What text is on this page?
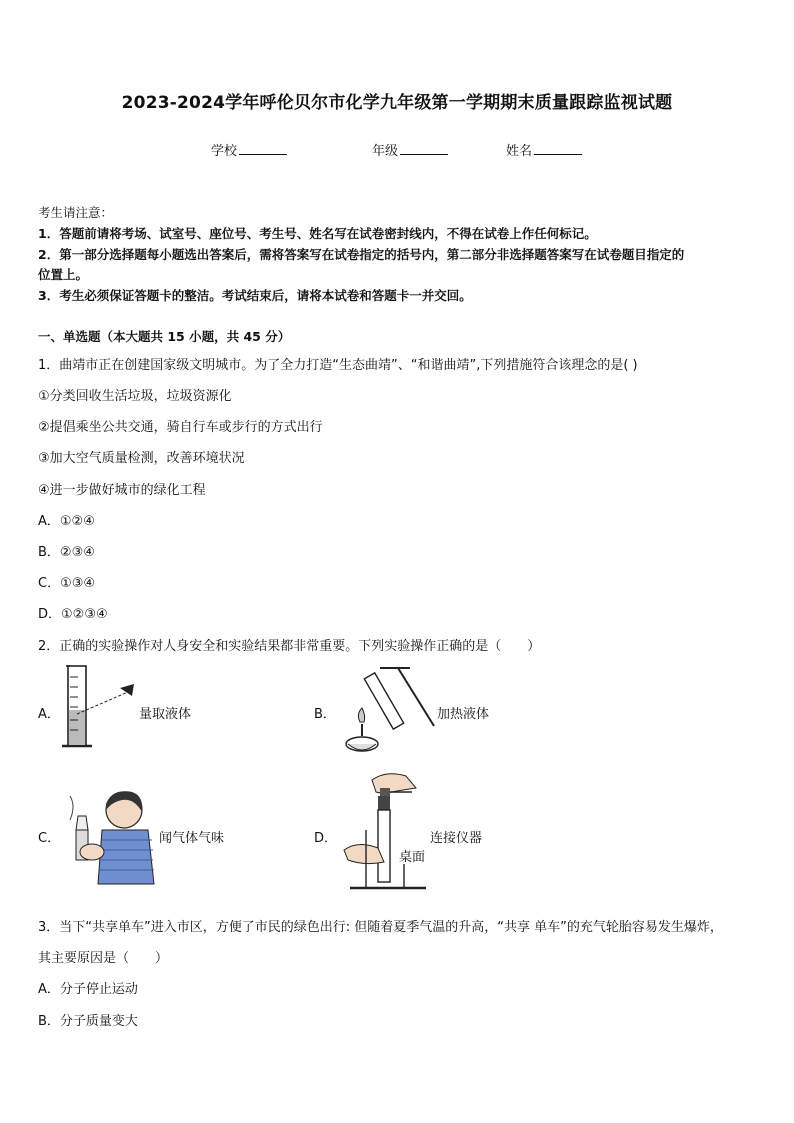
2023-2024学年呼伦贝尔市化学九年级第一学期期末质量跟踪监视试题
学校	年级	姓名
考生请注意：
1．答题前请将考场、试室号、座位号、考生号、姓名写在试卷密封线内，不得在试卷上作任何标记。
2．第一部分选择题每小题选出答案后，需将答案写在试卷指定的括号内，第二部分非选择题答案写在试卷题目指定的
位置上。
3．考生必须保证答题卡的整洁。考试结束后，请将本试卷和答题卡一并交回。
一、单选题（本大题共 15 小题，共 45 分）
1．曲靖市正在创建国家级文明城市。为了全力打造“生态曲靖”、“和谐曲靖”,下列措施符合该理念的是( )
①分类回收生活垃圾，垃圾资源化
②提倡乘坐公共交通，骑自行车或步行的方式出行
③加大空气质量检测，改善环境状况
④进一步做好城市的绿化工程
A．①②④
B．②③④
C．①③④
D．①②③④
2．正确的实验操作对人身安全和实验结果都非常重要。下列实验操作正确的是（　　）
A．	量取液体	B．	加热液体
C．	闻气体气味	D．	连接仪器
桌面
3．当下“共享单车”进入市区，方便了市民的绿色出行: 但随着夏季气温的升高，“共享 单车”的充气轮胎容易发生爆炸，
其主要原因是（　　）
A．分子停止运动
B．分子质量变大
